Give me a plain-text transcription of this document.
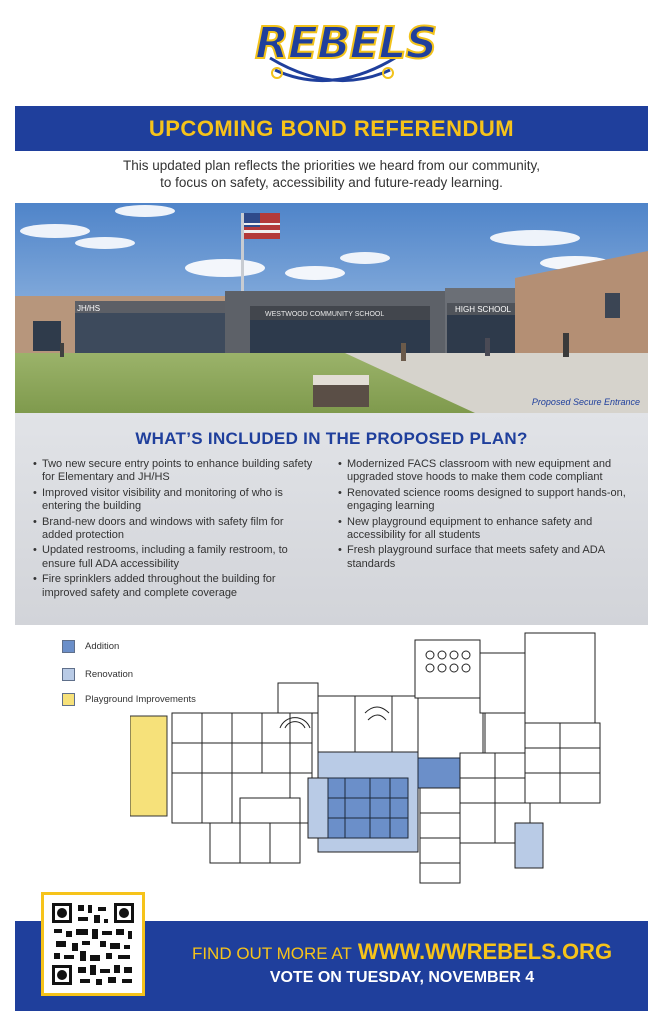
REBELS
UPCOMING BOND REFERENDUM
This updated plan reflects the priorities we heard from our community,
to focus on safety, accessibility and future-ready learning.
JH/HS
WESTWOOD COMMUNITY SCHOOL
HIGH SCHOOL
Proposed Secure Entrance
WHAT’S INCLUDED IN THE PROPOSED PLAN?
• Two new secure entry points to enhance building safety for Elementary and JH/HS
• Improved visitor visibility and monitoring of who is entering the building
• Brand-new doors and windows with safety film for added protection
• Updated restrooms, including a family restroom, to ensure full ADA accessibility
• Fire sprinklers added throughout the building for improved safety and complete coverage
• Modernized FACS classroom with new equipment and upgraded stove hoods to make them code compliant
• Renovated science rooms designed to support hands-on, engaging learning
• New playground equipment to enhance safety and accessibility for all students
• Fresh playground surface that meets safety and ADA standards
Addition
Renovation
Playground Improvements
FIND OUT MORE AT WWW.WWREBELS.ORG
VOTE ON TUESDAY, NOVEMBER 4
